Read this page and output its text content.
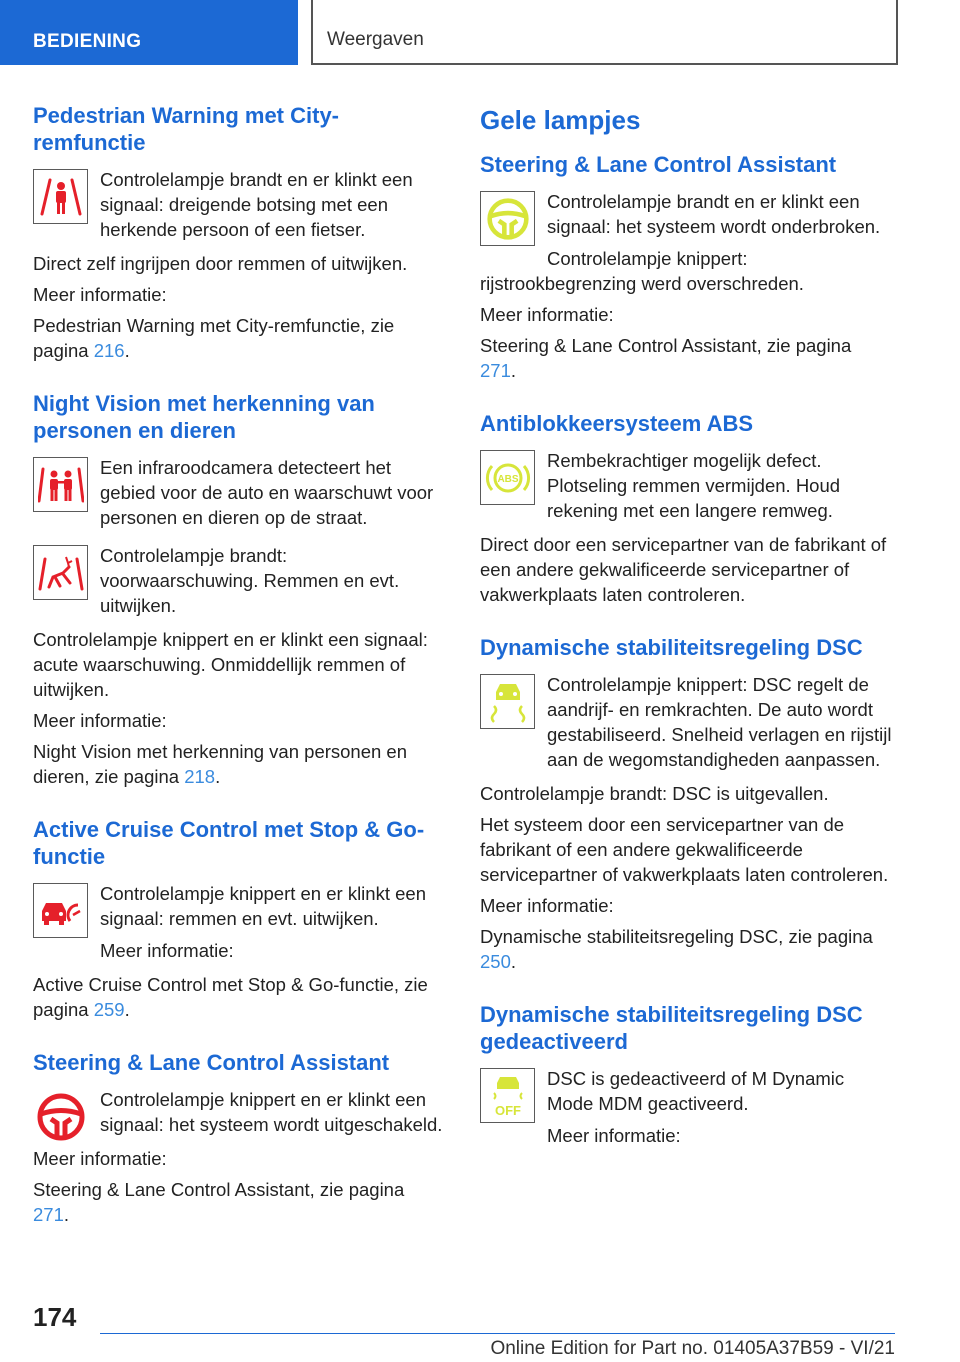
BEDIENING	Weergaven
Pedestrian Warning met City-remfunctie

Controlelampje brandt en er klinkt een signaal: dreigende botsing met een herkende persoon of een fietser.

Direct zelf ingrijpen door remmen of uitwijken.

Meer informatie:

Pedestrian Warning met City-remfunctie, zie pagina 216.

Night Vision met herkenning van personen en dieren

Een infraroodcamera detecteert het gebied voor de auto en waarschuwt voor personen en dieren op de straat.

Controlelampje brandt: voorwaarschuwing. Remmen en evt. uitwijken.

Controlelampje knippert en er klinkt een signaal: acute waarschuwing. Onmiddellijk remmen of uitwijken.

Meer informatie:

Night Vision met herkenning van personen en dieren, zie pagina 218.

Active Cruise Control met Stop & Go-functie

Controlelampje knippert en er klinkt een signaal: remmen en evt. uitwijken.

Meer informatie:

Active Cruise Control met Stop & Go-functie, zie pagina 259.

Steering & Lane Control Assistant

Controlelampje knippert en er klinkt een signaal: het systeem wordt uitgeschakeld.

Meer informatie:

Steering & Lane Control Assistant, zie pagina 271.

Gele lampjes
Steering & Lane Control Assistant

Controlelampje brandt en er klinkt een signaal: het systeem wordt onderbroken.

Controlelampje knippert: rijstrookbegrenzing werd overschreden.

Meer informatie:

Steering & Lane Control Assistant, zie pagina 271.

Antiblokkeersysteem ABS
ABS

Rembekrachtiger mogelijk defect. Plotseling remmen vermijden. Houd rekening met een langere remweg.

Direct door een servicepartner van de fabrikant of een andere gekwalificeerde servicepartner of vakwerkplaats laten controleren.

Dynamische stabiliteitsregeling DSC

Controlelampje knippert: DSC regelt de aandrijf- en remkrachten. De auto wordt gestabiliseerd. Snelheid verlagen en rijstijl aan de wegomstandigheden aanpassen.

Controlelampje brandt: DSC is uitgevallen.

Het systeem door een servicepartner van de fabrikant of een andere gekwalificeerde servicepartner of vakwerkplaats laten controleren.

Meer informatie:

Dynamische stabiliteitsregeling DSC, zie pagina 250.

Dynamische stabiliteitsregeling DSC gedeactiveerd
OFF

DSC is gedeactiveerd of M Dynamic Mode MDM geactiveerd.

Meer informatie:

174
Online Edition for Part no. 01405A37B59 - VI/21
